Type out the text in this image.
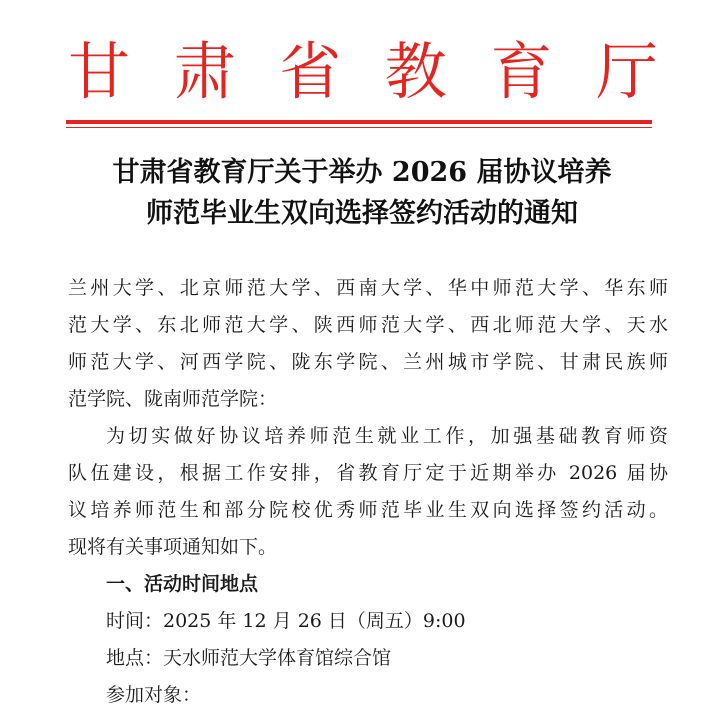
甘 肃 省 教 育 厅
甘肃省教育厅关于举办 2026 届协议培养
师范毕业生双向选择签约活动的通知
兰州大学、北京师范大学、西南大学、华中师范大学、华东师
范大学、东北师范大学、陕西师范大学、西北师范大学、天水
师范大学、河西学院、陇东学院、兰州城市学院、甘肃民族师
范学院、陇南师范学院：
为切实做好协议培养师范生就业工作，加强基础教育师资
队伍建设，根据工作安排，省教育厅定于近期举办 2026 届协
议培养师范生和部分院校优秀师范毕业生双向选择签约活动。
现将有关事项通知如下。
一、活动时间地点
时间：2025 年 12 月 26 日（周五）9:00
地点：天水师范大学体育馆综合馆
参加对象：
